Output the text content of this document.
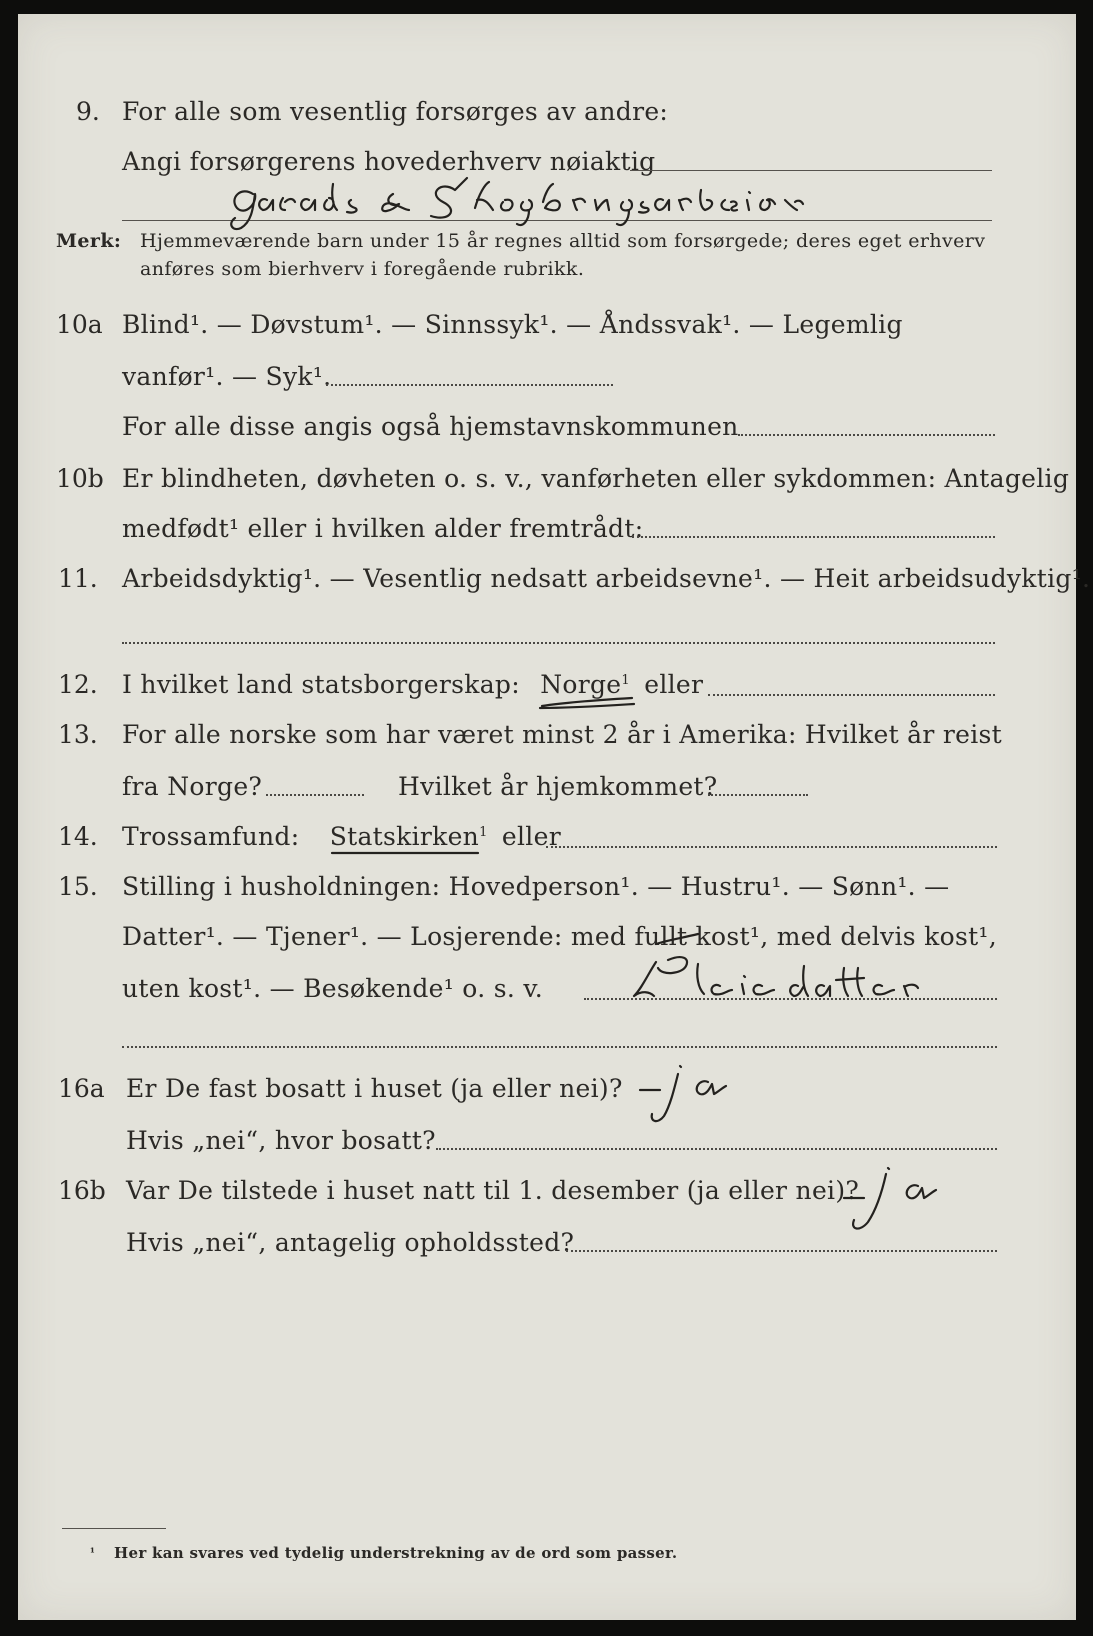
9. For alle som vesentlig forsørges av andre:
Angi forsørgerens hovederhverv nøiaktig
Merk: Hjemmeværende barn under 15 år regnes alltid som forsørgede; deres eget erhverv
anføres som bierhverv i foregående rubrikk.
10a Blind¹. — Døvstum¹. — Sinnssyk¹. — Åndssvak¹. — Legemlig
vanfør¹. — Syk¹.
For alle disse angis også hjemstavnskommunen
10b Er blindheten, døvheten o. s. v., vanførheten eller sykdommen: Antagelig
medfødt¹ eller i hvilken alder fremtrådt:
11. Arbeidsdyktig¹. — Vesentlig nedsatt arbeidsevne¹. — Heit arbeidsudyktig¹.
12. I hvilket land statsborgerskap: Norge$^1$ eller
13. For alle norske som har været minst 2 år i Amerika: Hvilket år reist
fra Norge?	Hvilket år hjemkommet?
14. Trossamfund: Statskirken$^1$ eller
15. Stilling i husholdningen: Hovedperson¹. — Hustru¹. — Sønn¹. —
Datter¹. — Tjener¹. — Losjerende: med fullt kost¹, med delvis kost¹,
uten kost¹. — Besøkende¹ o. s. v.
16a Er De fast bosatt i huset (ja eller nei)?
Hvis „nei“, hvor bosatt?
16b Var De tilstede i huset natt til 1. desember (ja eller nei)?
Hvis „nei“, antagelig opholdssted?
¹ Her kan svares ved tydelig understrekning av de ord som passer.
